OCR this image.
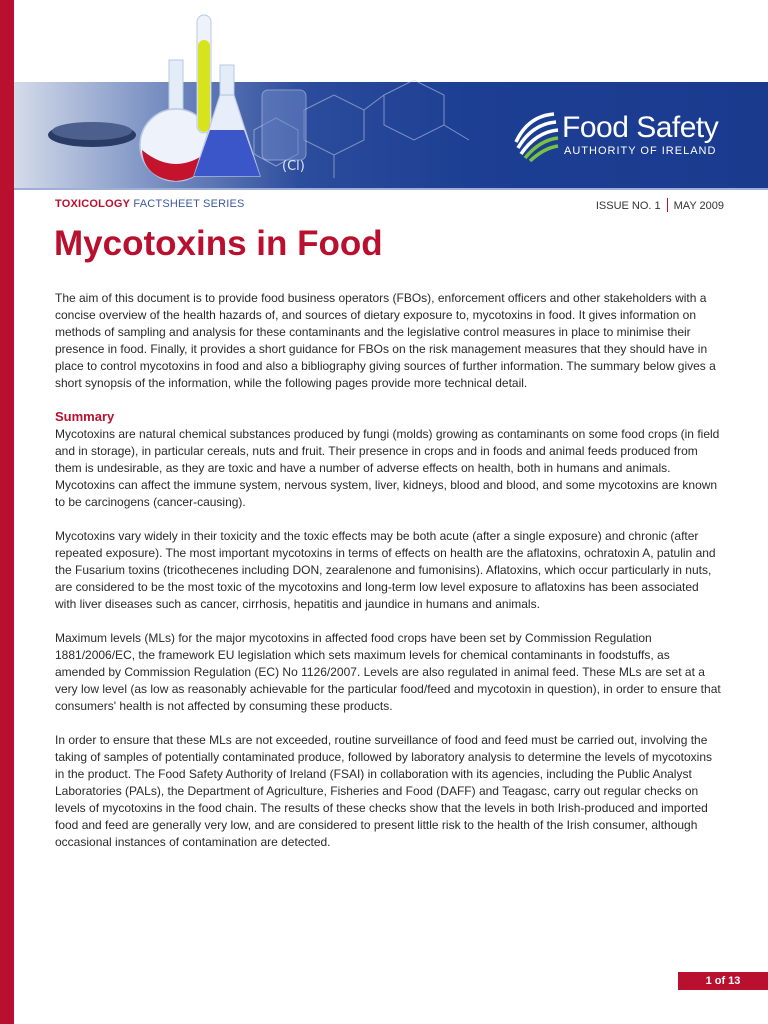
(Cl)
Food Safety
AUTHORITY OF IRELAND
TOXICOLOGY FACTSHEET SERIES	ISSUE NO. 1 MAY 2009
Mycotoxins in Food

The aim of this document is to provide food business operators (FBOs), enforcement officers and other stakeholders with a concise overview of the health hazards of, and sources of dietary exposure to, mycotoxins in food. It gives information on methods of sampling and analysis for these contaminants and the legislative control measures in place to minimise their presence in food. Finally, it provides a short guidance for FBOs on the risk management measures that they should have in place to control mycotoxins in food and also a bibliography giving sources of further information. The summary below gives a short synopsis of the information, while the following pages provide more technical detail.

Summary

Mycotoxins are natural chemical substances produced by fungi (molds) growing as contaminants on some food crops (in field and in storage), in particular cereals, nuts and fruit. Their presence in crops and in foods and animal feeds produced from them is undesirable, as they are toxic and have a number of adverse effects on health, both in humans and animals. Mycotoxins can affect the immune system, nervous system, liver, kidneys, blood and blood, and some mycotoxins are known to be carcinogens (cancer-causing).

Mycotoxins vary widely in their toxicity and the toxic effects may be both acute (after a single exposure) and chronic (after repeated exposure). The most important mycotoxins in terms of effects on health are the aflatoxins, ochratoxin A, patulin and the Fusarium toxins (tricothecenes including DON, zearalenone and fumonisins). Aflatoxins, which occur particularly in nuts, are considered to be the most toxic of the mycotoxins and long-term low level exposure to aflatoxins has been associated with liver diseases such as cancer, cirrhosis, hepatitis and jaundice in humans and animals.

Maximum levels (MLs) for the major mycotoxins in affected food crops have been set by Commission Regulation 1881/2006/EC, the framework EU legislation which sets maximum levels for chemical contaminants in foodstuffs, as amended by Commission Regulation (EC) No 1126/2007. Levels are also regulated in animal feed. These MLs are set at a very low level (as low as reasonably achievable for the particular food/feed and mycotoxin in question), in order to ensure that consumers' health is not affected by consuming these products.

In order to ensure that these MLs are not exceeded, routine surveillance of food and feed must be carried out, involving the taking of samples of potentially contaminated produce, followed by laboratory analysis to determine the levels of mycotoxins in the product. The Food Safety Authority of Ireland (FSAI) in collaboration with its agencies, including the Public Analyst Laboratories (PALs), the Department of Agriculture, Fisheries and Food (DAFF) and Teagasc, carry out regular checks on levels of mycotoxins in the food chain. The results of these checks show that the levels in both Irish-produced and imported food and feed are generally very low, and are considered to present little risk to the health of the Irish consumer, although occasional instances of contamination are detected.

1 of 13
